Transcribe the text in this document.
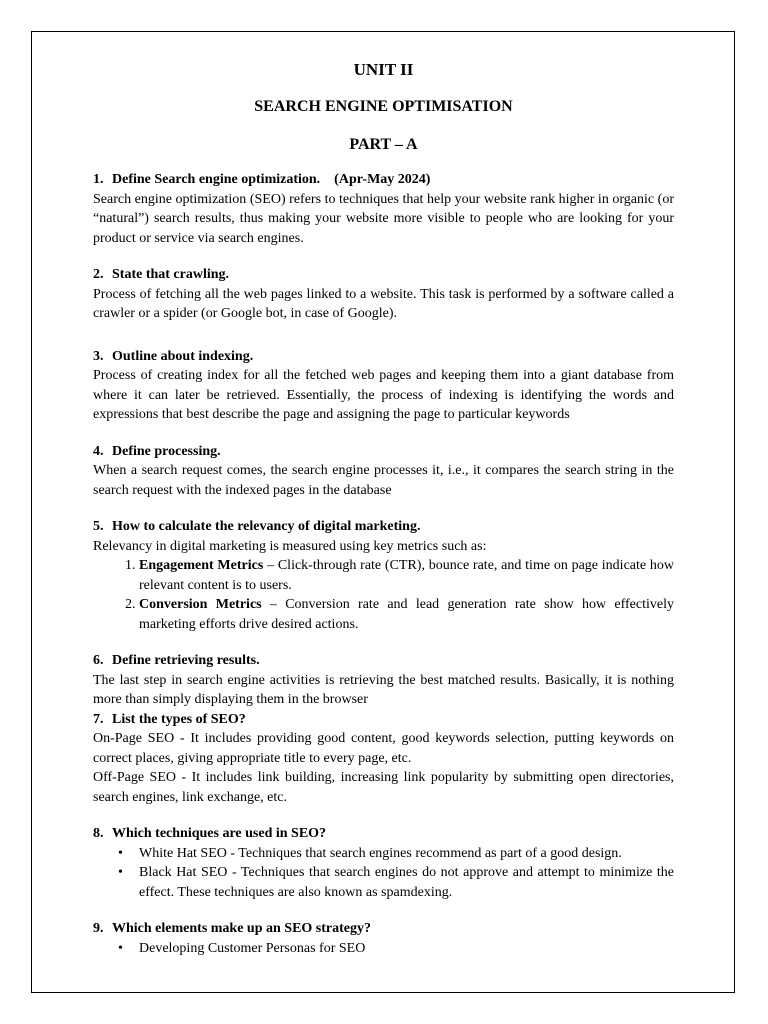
UNIT II
SEARCH ENGINE OPTIMISATION
PART – A

1. Define Search engine optimization. (Apr-May 2024)

Search engine optimization (SEO) refers to techniques that help your website rank higher in organic (or “natural”) search results, thus making your website more visible to people who are looking for your product or service via search engines.

2. State that crawling.

Process of fetching all the web pages linked to a website. This task is performed by a software called a crawler or a spider (or Google bot, in case of Google).

3. Outline about indexing.

Process of creating index for all the fetched web pages and keeping them into a giant database from where it can later be retrieved. Essentially, the process of indexing is identifying the words and expressions that best describe the page and assigning the page to particular keywords

4. Define processing.

When a search request comes, the search engine processes it, i.e., it compares the search string in the search request with the indexed pages in the database

5. How to calculate the relevancy of digital marketing.

Relevancy in digital marketing is measured using key metrics such as:

1. Engagement Metrics – Click-through rate (CTR), bounce rate, and time on page indicate how relevant content is to users.
2. Conversion Metrics – Conversion rate and lead generation rate show how effectively marketing efforts drive desired actions.

6. Define retrieving results.

The last step in search engine activities is retrieving the best matched results. Basically, it is nothing more than simply displaying them in the browser

7. List the types of SEO?

On-Page SEO - It includes providing good content, good keywords selection, putting keywords on correct places, giving appropriate title to every page, etc.

Off-Page SEO - It includes link building, increasing link popularity by submitting open directories, search engines, link exchange, etc.

8. Which techniques are used in SEO?

• White Hat SEO - Techniques that search engines recommend as part of a good design.
• Black Hat SEO - Techniques that search engines do not approve and attempt to minimize the effect. These techniques are also known as spamdexing.

9. Which elements make up an SEO strategy?

• Developing Customer Personas for SEO
